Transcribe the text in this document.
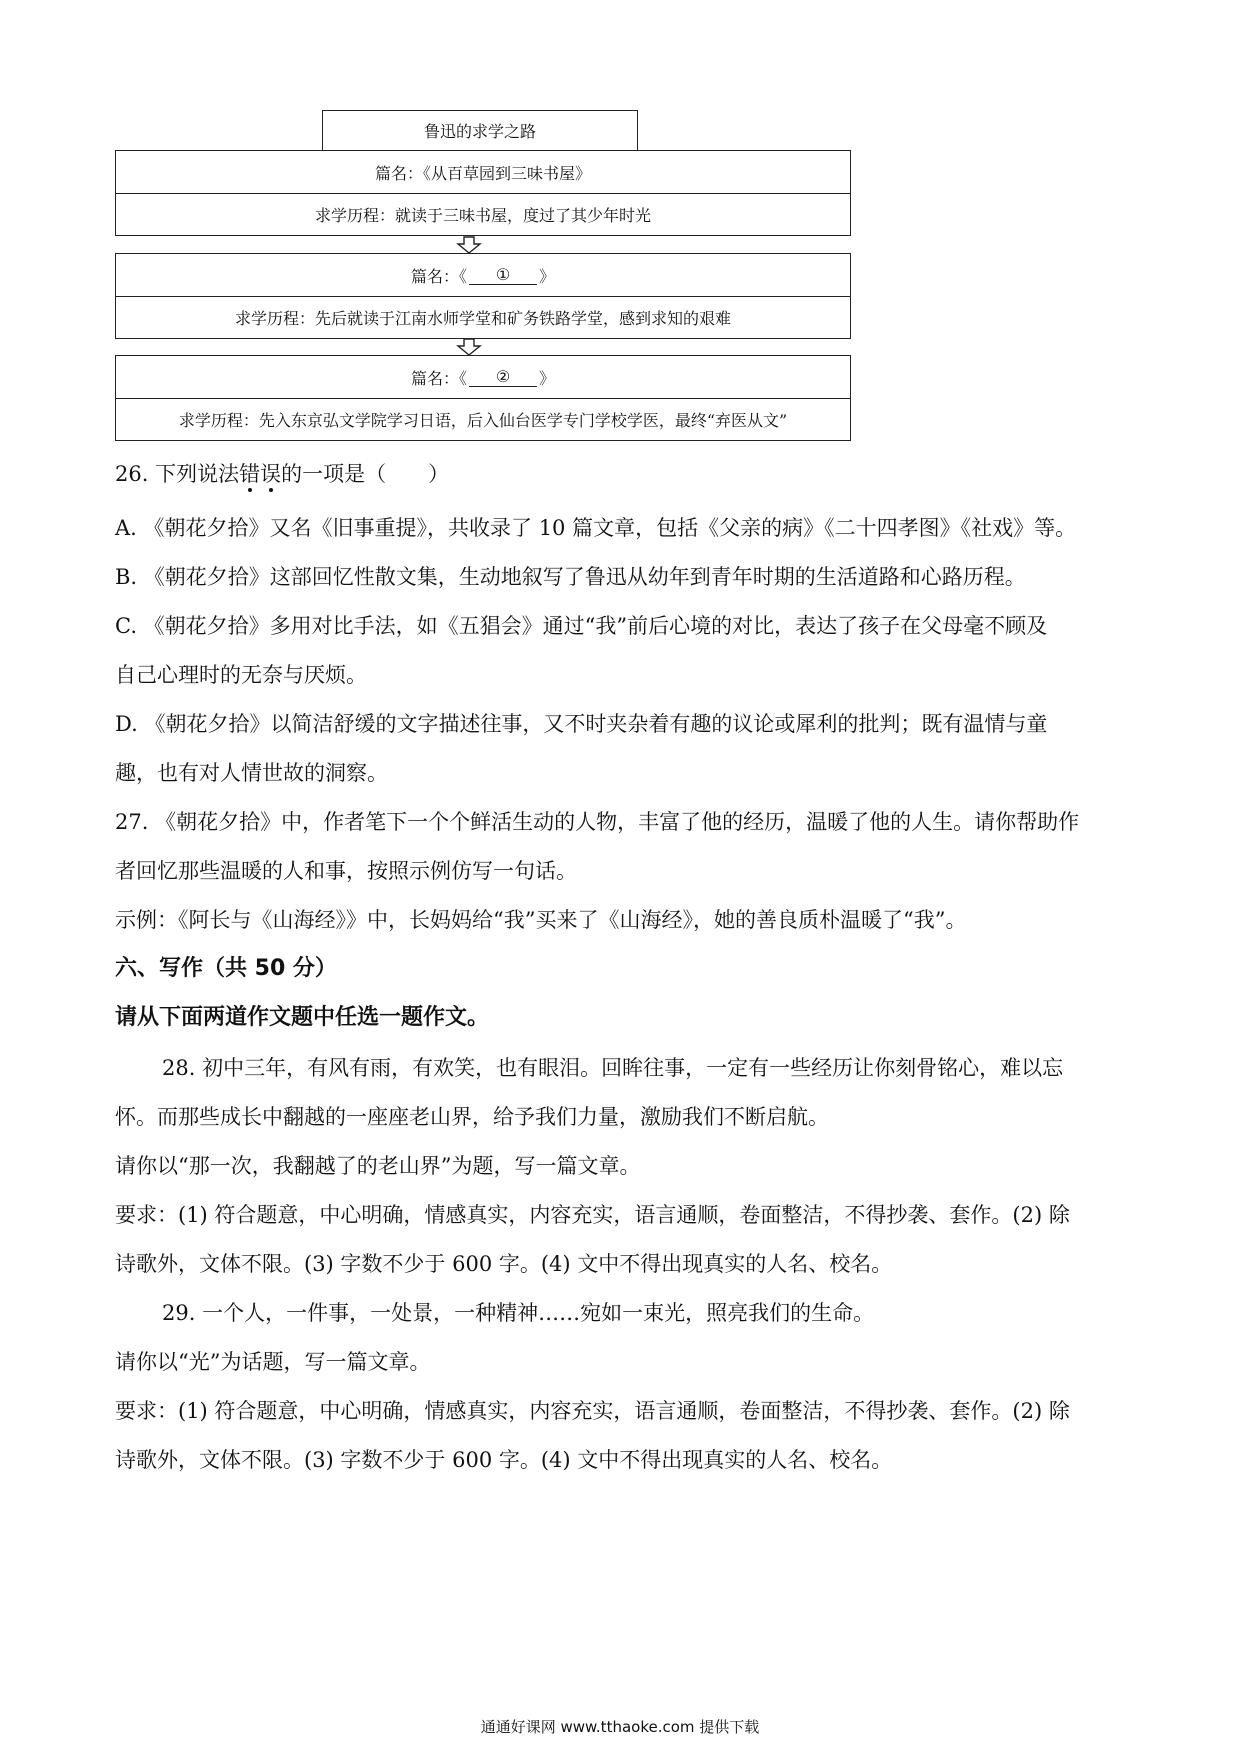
鲁迅的求学之路
篇名：《从百草园到三味书屋》
求学历程：就读于三味书屋，度过了其少年时光
篇名：《	①	》
求学历程：先后就读于江南水师学堂和矿务铁路学堂，感到求知的艰难
篇名：《	②	》
求学历程：先入东京弘文学院学习日语，后入仙台医学专门学校学医，最终“弃医从文”
26. 下列说法错误的一项是（　　）
A. 《朝花夕拾》又名《旧事重提》，共收录了 10 篇文章，包括《父亲的病》《二十四孝图》《社戏》等。
B. 《朝花夕拾》这部回忆性散文集，生动地叙写了鲁迅从幼年到青年时期的生活道路和心路历程。
C. 《朝花夕拾》多用对比手法，如《五猖会》通过“我”前后心境的对比，表达了孩子在父母毫不顾及
自己心理时的无奈与厌烦。
D. 《朝花夕拾》以简洁舒缓的文字描述往事，又不时夹杂着有趣的议论或犀利的批判；既有温情与童
趣，也有对人情世故的洞察。
27. 《朝花夕拾》中，作者笔下一个个鲜活生动的人物，丰富了他的经历，温暖了他的人生。请你帮助作
者回忆那些温暖的人和事，按照示例仿写一句话。
示例：《阿长与《山海经》》中，长妈妈给“我”买来了《山海经》，她的善良质朴温暖了“我”。
六、写作（共 50 分）
请从下面两道作文题中任选一题作文。
28. 初中三年，有风有雨，有欢笑，也有眼泪。回眸往事，一定有一些经历让你刻骨铭心，难以忘
怀。而那些成长中翻越的一座座老山界，给予我们力量，激励我们不断启航。
请你以“那一次，我翻越了的老山界”为题，写一篇文章。
要求：(1) 符合题意，中心明确，情感真实，内容充实，语言通顺，卷面整洁，不得抄袭、套作。(2) 除
诗歌外，文体不限。(3) 字数不少于 600 字。(4) 文中不得出现真实的人名、校名。
29. 一个人，一件事，一处景，一种精神……宛如一束光，照亮我们的生命。
请你以“光”为话题，写一篇文章。
要求：(1) 符合题意，中心明确，情感真实，内容充实，语言通顺，卷面整洁，不得抄袭、套作。(2) 除
诗歌外，文体不限。(3) 字数不少于 600 字。(4) 文中不得出现真实的人名、校名。
通通好课网 www.tthaoke.com 提供下载
